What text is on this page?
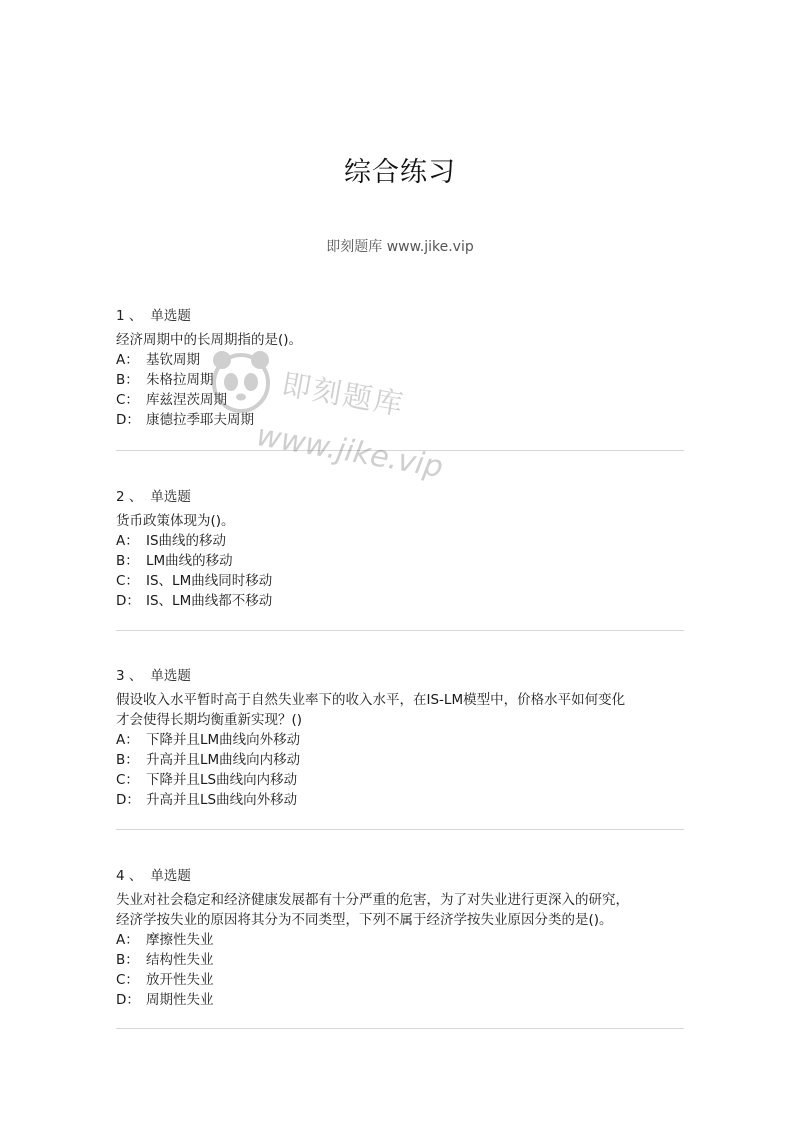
综合练习
即刻题库 www.jike.vip
1 、 单选题

经济周期中的长周期指的是()。

A： 基钦周期

B： 朱格拉周期

C： 库兹涅茨周期

D： 康德拉季耶夫周期

2 、 单选题

货币政策体现为()。

A： IS曲线的移动

B： LM曲线的移动

C： IS、LM曲线同时移动

D： IS、LM曲线都不移动

3 、 单选题

假设收入水平暂时高于自然失业率下的收入水平，在IS-LM模型中，价格水平如何变化

才会使得长期均衡重新实现？()

A： 下降并且LM曲线向外移动

B： 升高并且LM曲线向内移动

C： 下降并且LS曲线向内移动

D： 升高并且LS曲线向外移动

4 、 单选题

失业对社会稳定和经济健康发展都有十分严重的危害，为了对失业进行更深入的研究，

经济学按失业的原因将其分为不同类型，下列不属于经济学按失业原因分类的是()。

A： 摩擦性失业

B： 结构性失业

C： 放开性失业

D： 周期性失业

即刻题库
www.jike.vip
